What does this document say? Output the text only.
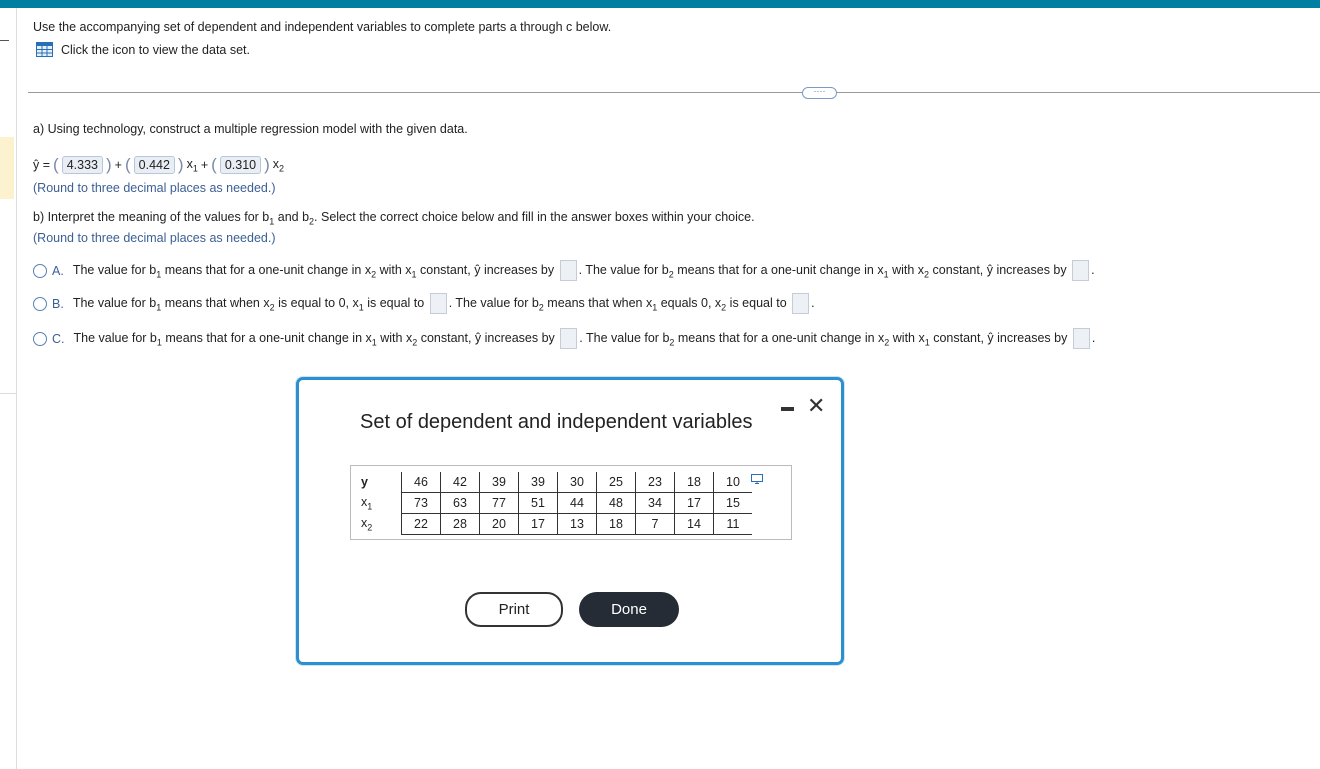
Use the accompanying set of dependent and independent variables to complete parts a through c below.
Click the icon to view the data set.
····
a) Using technology, construct a multiple regression model with the given data.
ŷ = ( 4.333 ) + ( 0.442 ) $x_1$ + ( 0.310 ) $x_2$
(Round to three decimal places as needed.)
b) Interpret the meaning of the values for $b_1$ and $b_2$. Select the correct choice below and fill in the answer boxes within your choice.
(Round to three decimal places as needed.)
A. The value for $b_1$ means that for a one-unit change in $x_2$ with $x_1$ constant, ŷ increases by . The value for $b_2$ means that for a one-unit change in $x_1$ with $x_2$ constant, ŷ increases by .
B. The value for $b_1$ means that when $x_2$ is equal to 0, $x_1$ is equal to . The value for $b_2$ means that when $x_1$ equals 0, $x_2$ is equal to .
C. The value for $b_1$ means that for a one-unit change in $x_1$ with $x_2$ constant, ŷ increases by . The value for $b_2$ means that for a one-unit change in $x_2$ with $x_1$ constant, ŷ increases by .
Set of dependent and independent variables
✕
y	46	42	39	39	30	25	23	18	10
$x_1$	73	63	77	51	44	48	34	17	15
$x_2$	22	28	20	17	13	18	7	14	11
Print	Done
